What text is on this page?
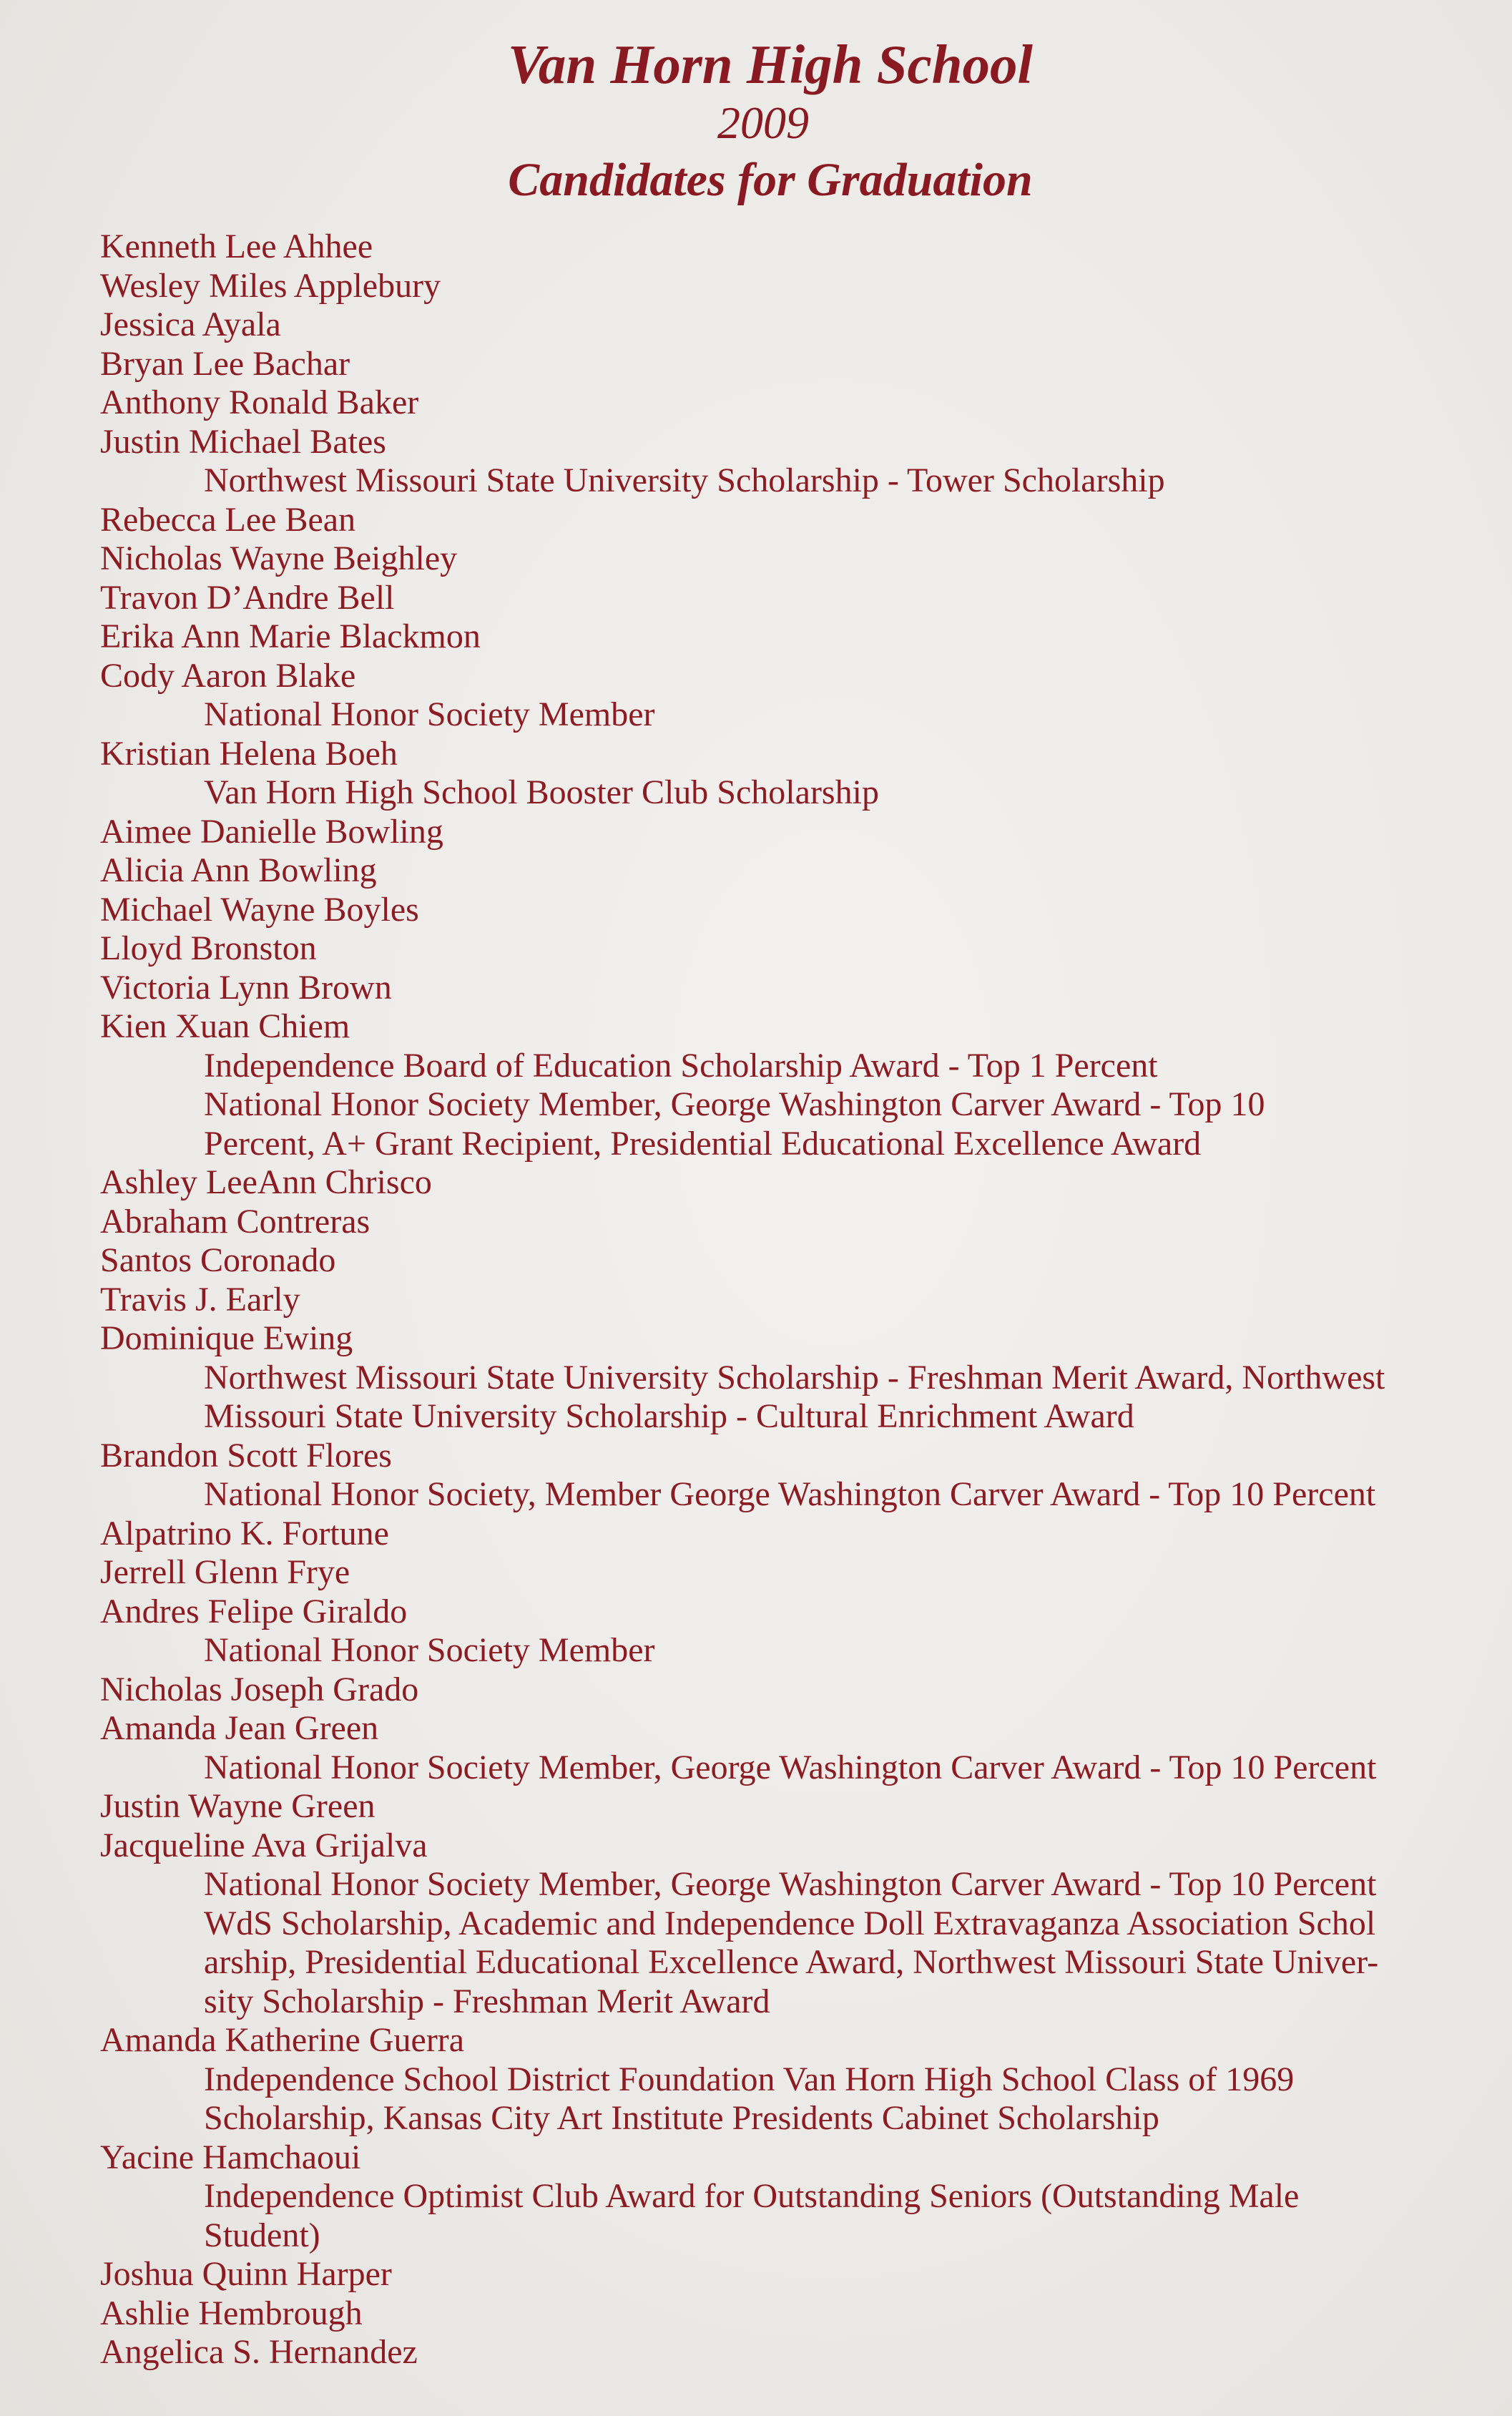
Van Horn High School
2009
Candidates for Graduation
Kenneth Lee Ahhee
Wesley Miles Applebury
Jessica Ayala
Bryan Lee Bachar
Anthony Ronald Baker
Justin Michael Bates
Northwest Missouri State University Scholarship - Tower Scholarship
Rebecca Lee Bean
Nicholas Wayne Beighley
Travon D’Andre Bell
Erika Ann Marie Blackmon
Cody Aaron Blake
National Honor Society Member
Kristian Helena Boeh
Van Horn High School Booster Club Scholarship
Aimee Danielle Bowling
Alicia Ann Bowling
Michael Wayne Boyles
Lloyd Bronston
Victoria Lynn Brown
Kien Xuan Chiem
Independence Board of Education Scholarship Award - Top 1 Percent
National Honor Society Member, George Washington Carver Award - Top 10
Percent, A+ Grant Recipient, Presidential Educational Excellence Award
Ashley LeeAnn Chrisco
Abraham Contreras
Santos Coronado
Travis J. Early
Dominique Ewing
Northwest Missouri State University Scholarship - Freshman Merit Award, Northwest
Missouri State University Scholarship - Cultural Enrichment Award
Brandon Scott Flores
National Honor Society, Member George Washington Carver Award - Top 10 Percent
Alpatrino K. Fortune
Jerrell Glenn Frye
Andres Felipe Giraldo
National Honor Society Member
Nicholas Joseph Grado
Amanda Jean Green
National Honor Society Member, George Washington Carver Award - Top 10 Percent
Justin Wayne Green
Jacqueline Ava Grijalva
National Honor Society Member, George Washington Carver Award - Top 10 Percent
WdS Scholarship, Academic and Independence Doll Extravaganza Association Schol
arship, Presidential Educational Excellence Award, Northwest Missouri State Univer-
sity Scholarship - Freshman Merit Award
Amanda Katherine Guerra
Independence School District Foundation Van Horn High School Class of 1969
Scholarship, Kansas City Art Institute Presidents Cabinet Scholarship
Yacine Hamchaoui
Independence Optimist Club Award for Outstanding Seniors (Outstanding Male
Student)
Joshua Quinn Harper
Ashlie Hembrough
Angelica S. Hernandez
